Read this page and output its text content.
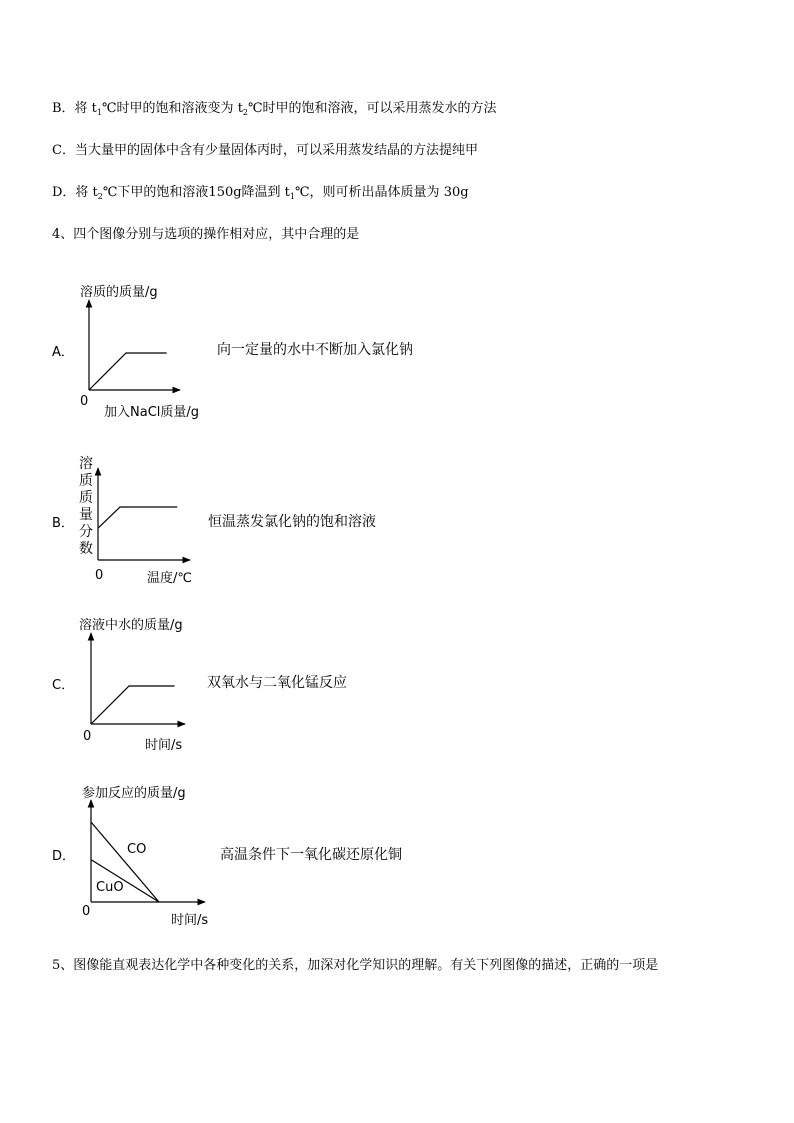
B．将 $t_1℃$时甲的饱和溶液变为 $t_2℃$时甲的饱和溶液，可以采用蒸发水的方法
C．当大量甲的固体中含有少量固体丙时，可以采用蒸发结晶的方法提纯甲
D．将 $t_2℃$下甲的饱和溶液150g降温到 $t_1℃$，则可析出晶体质量为 30g
4、四个图像分别与选项的操作相对应，其中合理的是
5、图像能直观表达化学中各种变化的关系，加深对化学知识的理解。有关下列图像的描述，正确的一项是
A．	向一定量的水中不断加入氯化钠
B．	恒温蒸发氯化钠的饱和溶液
C．	双氧水与二氧化锰反应
D．	高温条件下一氧化碳还原化铜
溶质的质量/g
0
加入NaCl质量/g
溶
质
质
量
分
数
0	温度/℃
溶液中水的质量/g
0
时间/s
参加反应的质量/g
0
时间/s
CO
CuO
